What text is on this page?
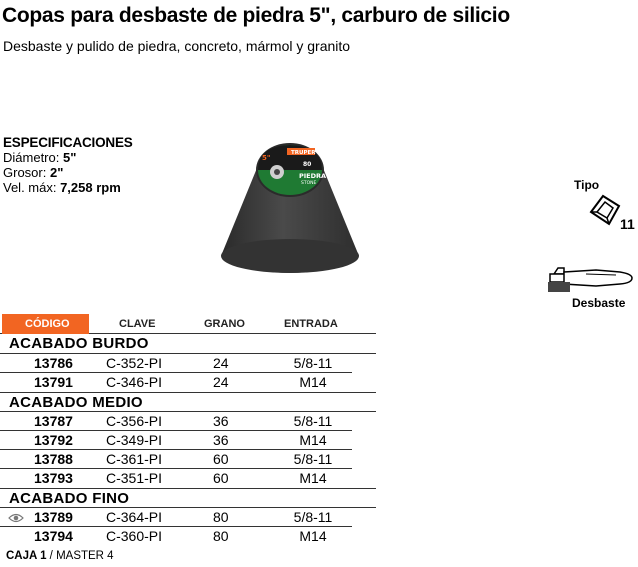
Copas para desbaste de piedra 5", carburo de silicio
Desbaste y pulido de piedra, concreto, mármol y granito
ESPECIFICACIONES
Diámetro: 5"
Grosor: 2"
Vel. máx: 7,258 rpm
TRUPER
5"
80
PIEDRA
STONE	Tipo
11
Desbaste
CÓDIGO	CLAVE	GRANO	ENTRADA
ACABADO BURDO
13786 C-352-PI	24	5/8-11
13791 C-346-PI	24	M14
ACABADO MEDIO
13787 C-356-PI	36	5/8-11
13792 C-349-PI	36	M14
13788 C-361-PI	60	5/8-11
13793 C-351-PI	60	M14
ACABADO FINO
13789 C-364-PI	80	5/8-11
13794 C-360-PI	80	M14
CAJA 1 / MASTER 4
